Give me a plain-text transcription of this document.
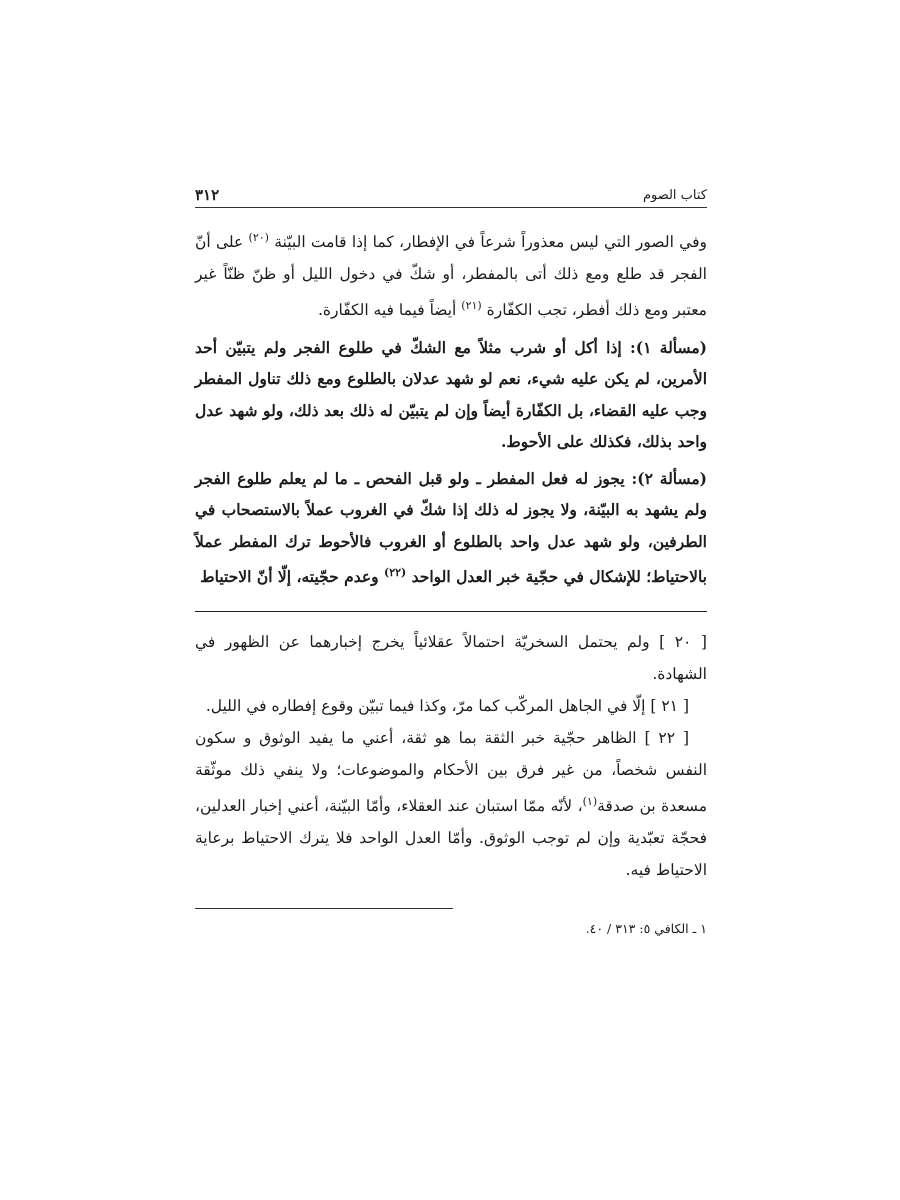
كتاب الصوم
٣١٢

وفي الصور التي ليس معذوراً شرعاً في الإفطار، كما إذا قامت البيّنة $^{(٢٠)}$ على أنّ الفجر قد طلع ومع ذلك أتى بالمفطر، أو شكّ في دخول الليل أو ظنّ ظنّاً غير معتبر ومع ذلك أفطر، تجب الكفّارة $^{(٢١)}$ أيضاً فيما فيه الكفّارة.

(مسألة ١): إذا أكل أو شرب مثلاً مع الشكّ في طلوع الفجر ولم يتبيّن أحد الأمرين، لم يكن عليه شيء، نعم لو شهد عدلان بالطلوع ومع ذلك تناول المفطر وجب عليه القضاء، بل الكفّارة أيضاً وإن لم يتبيّن له ذلك بعد ذلك، ولو شهد عدل واحد بذلك، فكذلك على الأحوط.

(مسألة ٢): يجوز له فعل المفطر ـ ولو قبل الفحص ـ ما لم يعلم طلوع الفجر ولم يشهد به البيّنة، ولا يجوز له ذلك إذا شكّ في الغروب عملاً بالاستصحاب في الطرفين، ولو شهد عدل واحد بالطلوع أو الغروب فالأحوط ترك المفطر عملاً بالاحتياط؛ للإشكال في حجّية خبر العدل الواحد $^{(٢٢)}$ وعدم حجّيته، إلّا أنّ الاحتياط

[ ٢٠ ] ولم يحتمل السخريّة احتمالاً عقلائياً يخرج إخبارهما عن الظهور في الشهادة.

[ ٢١ ] إلّا في الجاهل المركّب كما مرّ، وكذا فيما تبيّن وقوع إفطاره في الليل.

[ ٢٢ ] الظاهر حجّية خبر الثقة بما هو ثقة، أعني ما يفيد الوثوق و سكون النفس شخصاً، من غير فرق بين الأحكام والموضوعات؛ ولا ينفي ذلك موثّقة مسعدة بن صدقة$^{(١)}$، لأنّه ممّا استبان عند العقلاء، وأمّا البيّنة، أعني إخبار العدلين، فحجّة تعبّدية وإن لم توجب الوثوق. وأمّا العدل الواحد فلا يترك الاحتياط برعاية الاحتياط فيه.

١ ـ الكافي ٥: ٣١٣ / ٤٠.
